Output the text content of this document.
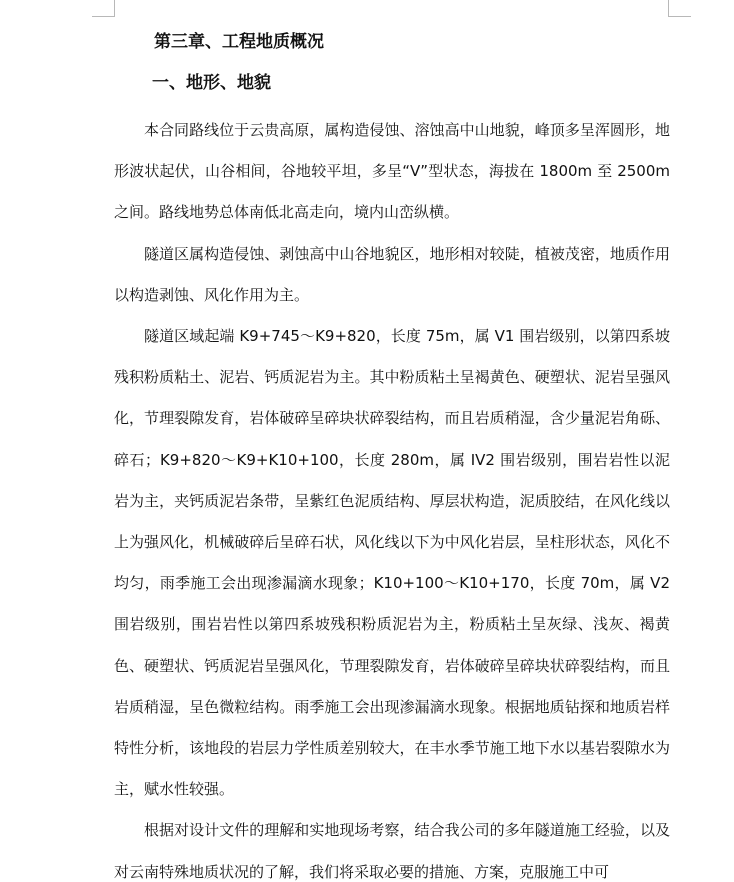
第三章、工程地质概况
一、地形、地貌

本合同路线位于云贵高原，属构造侵蚀、溶蚀高中山地貌，峰顶多呈浑圆形，地形波状起伏，山谷相间，谷地较平坦，多呈“V”型状态，海拔在 1800m 至 2500m 之间。路线地势总体南低北高走向，境内山峦纵横。

隧道区属构造侵蚀、剥蚀高中山谷地貌区，地形相对较陡，植被茂密，地质作用以构造剥蚀、风化作用为主。

隧道区域起端 K9+745～K9+820，长度 75m，属 V1 围岩级别，以第四系坡残积粉质粘土、泥岩、钙质泥岩为主。其中粉质粘土呈褐黄色、硬塑状、泥岩呈强风化，节理裂隙发育，岩体破碎呈碎块状碎裂结构，而且岩质稍湿，含少量泥岩角砾、碎石；K9+820～K9+K10+100，长度 280m，属 IV2 围岩级别，围岩岩性以泥岩为主，夹钙质泥岩条带，呈紫红色泥质结构、厚层状构造，泥质胶结，在风化线以上为强风化，机械破碎后呈碎石状，风化线以下为中风化岩层，呈柱形状态，风化不均匀，雨季施工会出现渗漏滴水现象；K10+100～K10+170，长度 70m，属 V2 围岩级别，围岩岩性以第四系坡残积粉质泥岩为主，粉质粘土呈灰绿、浅灰、褐黄色、硬塑状、钙质泥岩呈强风化，节理裂隙发育，岩体破碎呈碎块状碎裂结构，而且岩质稍湿，呈色微粒结构。雨季施工会出现渗漏滴水现象。根据地质钻探和地质岩样特性分析，该地段的岩层力学性质差别较大，在丰水季节施工地下水以基岩裂隙水为主，赋水性较强。

根据对设计文件的理解和实地现场考察，结合我公司的多年隧道施工经验，以及对云南特殊地质状况的了解，我们将采取必要的措施、方案，克服施工中可
